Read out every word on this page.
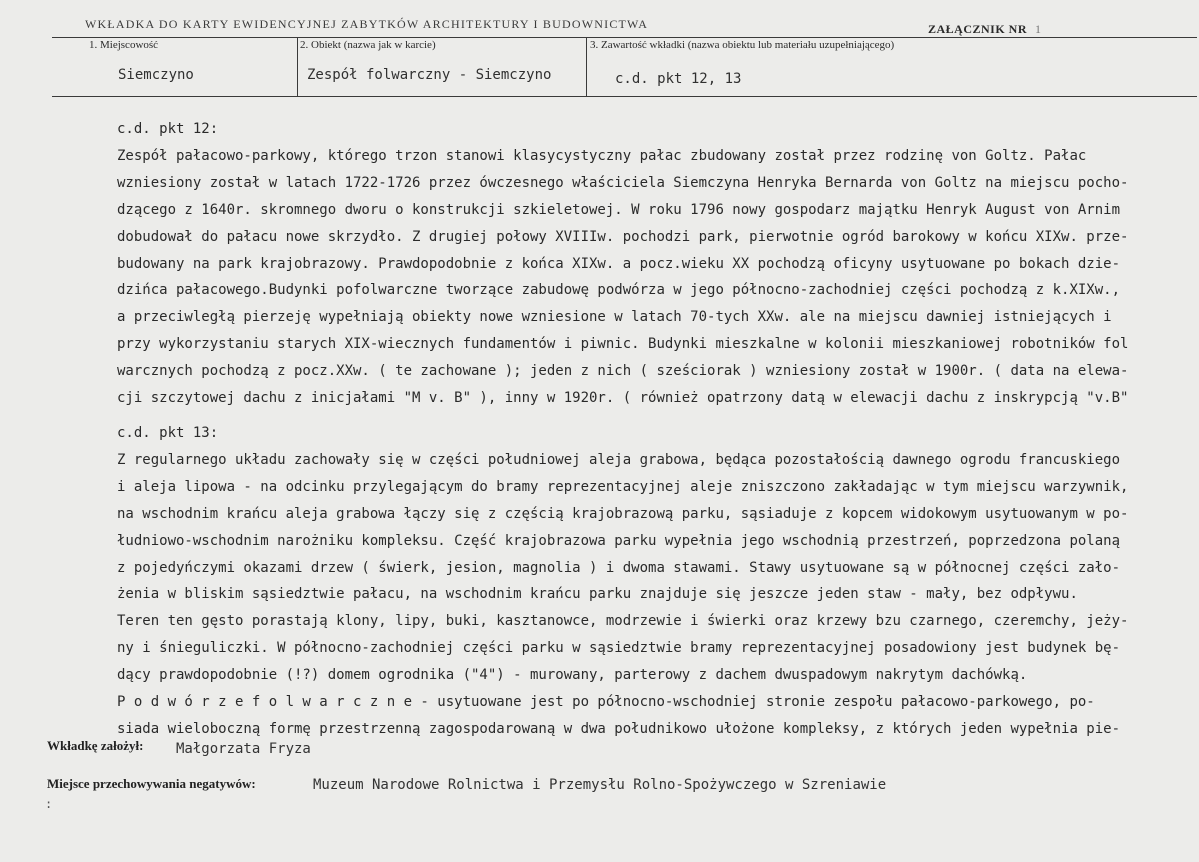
WKŁADKA DO KARTY EWIDENCYJNEJ ZABYTKÓW ARCHITEKTURY I BUDOWNICTWA	ZAŁĄCZNIK NR 1
1. Miejscowość
Siemczyno
2. Obiekt (nazwa jak w karcie)
Zespół folwarczny - Siemczyno
3. Zawartość wkładki (nazwa obiektu lub materiału uzupełniającego)
c.d. pkt 12, 13

c.d. pkt 12:

Zespół pałacowo-parkowy, którego trzon stanowi klasycystyczny pałac zbudowany został przez rodzinę von Goltz. Pałac
wzniesiony został w latach 1722-1726 przez ówczesnego właściciela Siemczyna Henryka Bernarda von Goltz na miejscu pocho-
dzącego z 1640r. skromnego dworu o konstrukcji szkieletowej. W roku 1796 nowy gospodarz majątku Henryk August von Arnim
dobudował do pałacu nowe skrzydło. Z drugiej połowy XVIIIw. pochodzi park, pierwotnie ogród barokowy w końcu XIXw. prze-
budowany na park krajobrazowy. Prawdopodobnie z końca XIXw. a pocz.wieku XX pochodzą oficyny usytuowane po bokach dzie-
dzińca pałacowego.Budynki pofolwarczne tworzące zabudowę podwórza w jego północno-zachodniej części pochodzą z k.XIXw.,
a przeciwległą pierzeję wypełniają obiekty nowe wzniesione w latach 70-tych XXw. ale na miejscu dawniej istniejących i
przy wykorzystaniu starych XIX-wiecznych fundamentów i piwnic. Budynki mieszkalne w kolonii mieszkaniowej robotników fol
warcznych pochodzą z pocz.XXw. ( te zachowane ); jeden z nich ( sześciorak ) wzniesiony został w 1900r. ( data na elewa-
cji szczytowej dachu z inicjałami "M v. B" ), inny w 1920r. ( również opatrzony datą w elewacji dachu z inskrypcją "v.B"

c.d. pkt 13:

Z regularnego układu zachowały się w części południowej aleja grabowa, będąca pozostałością dawnego ogrodu francuskiego
i aleja lipowa - na odcinku przylegającym do bramy reprezentacyjnej aleje zniszczono zakładając w tym miejscu warzywnik,
na wschodnim krańcu aleja grabowa łączy się z częścią krajobrazową parku, sąsiaduje z kopcem widokowym usytuowanym w po-
łudniowo-wschodnim narożniku kompleksu. Część krajobrazowa parku wypełnia jego wschodnią przestrzeń, poprzedzona polaną
z pojedyńczymi okazami drzew ( świerk, jesion, magnolia ) i dwoma stawami. Stawy usytuowane są w północnej części zało-
żenia w bliskim sąsiedztwie pałacu, na wschodnim krańcu parku znajduje się jeszcze jeden staw - mały, bez odpływu.
Teren ten gęsto porastają klony, lipy, buki, kasztanowce, modrzewie i świerki oraz krzewy bzu czarnego, czeremchy, jeży-
ny i śnieguliczki. W północno-zachodniej części parku w sąsiedztwie bramy reprezentacyjnej posadowiony jest budynek bę-
dący prawdopodobnie (!?) domem ogrodnika ("4") - murowany, parterowy z dachem dwuspadowym nakrytym dachówką.
P o d w ó r z e f o l w a r c z n e - usytuowane jest po północno-wschodniej stronie zespołu pałacowo-parkowego, po-
siada wieloboczną formę przestrzenną zagospodarowaną w dwa południkowo ułożone kompleksy, z których jeden wypełnia pie-
Wkładkę założył: Małgorzata Fryza
Miejsce przechowywania negatywów:	Muzeum Narodowe Rolnictwa i Przemysłu Rolno-Spożywczego w Szreniawie
:
